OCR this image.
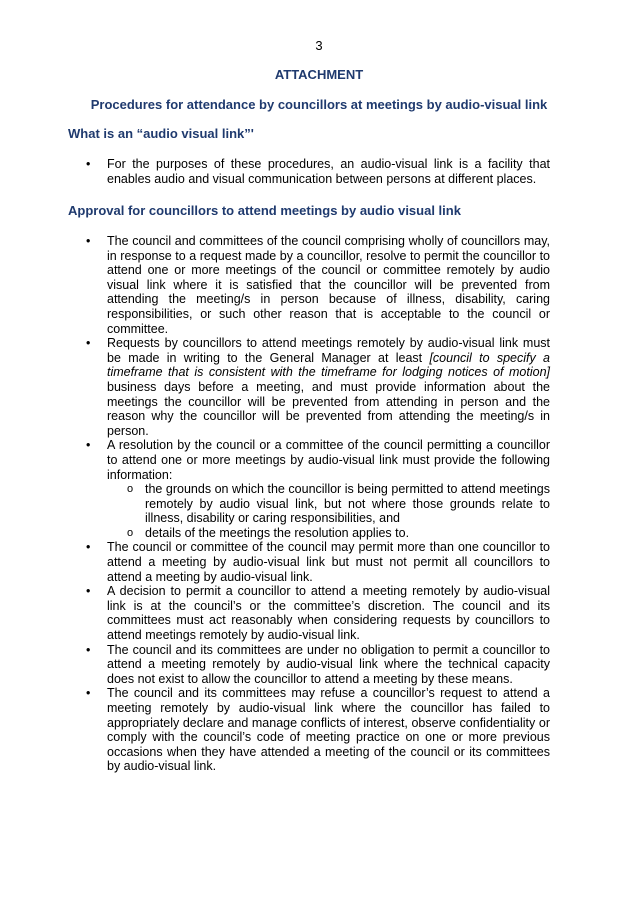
3
ATTACHMENT
Procedures for attendance by councillors at meetings by audio-visual link
What is an “audio visual link”'
• For the purposes of these procedures, an audio-visual link is a facility that enables audio and visual communication between persons at different places.
Approval for councillors to attend meetings by audio visual link
• The council and committees of the council comprising wholly of councillors may, in response to a request made by a councillor, resolve to permit the councillor to attend one or more meetings of the council or committee remotely by audio visual link where it is satisfied that the councillor will be prevented from attending the meeting/s in person because of illness, disability, caring responsibilities, or such other reason that is acceptable to the council or committee.
• Requests by councillors to attend meetings remotely by audio-visual link must be made in writing to the General Manager at least [council to specify a timeframe that is consistent with the timeframe for lodging notices of motion] business days before a meeting, and must provide information about the meetings the councillor will be prevented from attending in person and the reason why the councillor will be prevented from attending the meeting/s in person.
• A resolution by the council or a committee of the council permitting a councillor to attend one or more meetings by audio-visual link must provide the following information:
o the grounds on which the councillor is being permitted to attend meetings remotely by audio visual link, but not where those grounds relate to illness, disability or caring responsibilities, and
o details of the meetings the resolution applies to.
• The council or committee of the council may permit more than one councillor to attend a meeting by audio-visual link but must not permit all councillors to attend a meeting by audio-visual link.
• A decision to permit a councillor to attend a meeting remotely by audio-visual link is at the council’s or the committee’s discretion. The council and its committees must act reasonably when considering requests by councillors to attend meetings remotely by audio-visual link.
• The council and its committees are under no obligation to permit a councillor to attend a meeting remotely by audio-visual link where the technical capacity does not exist to allow the councillor to attend a meeting by these means.
• The council and its committees may refuse a councillor’s request to attend a meeting remotely by audio-visual link where the councillor has failed to appropriately declare and manage conflicts of interest, observe confidentiality or comply with the council’s code of meeting practice on one or more previous occasions when they have attended a meeting of the council or its committees by audio-visual link.
